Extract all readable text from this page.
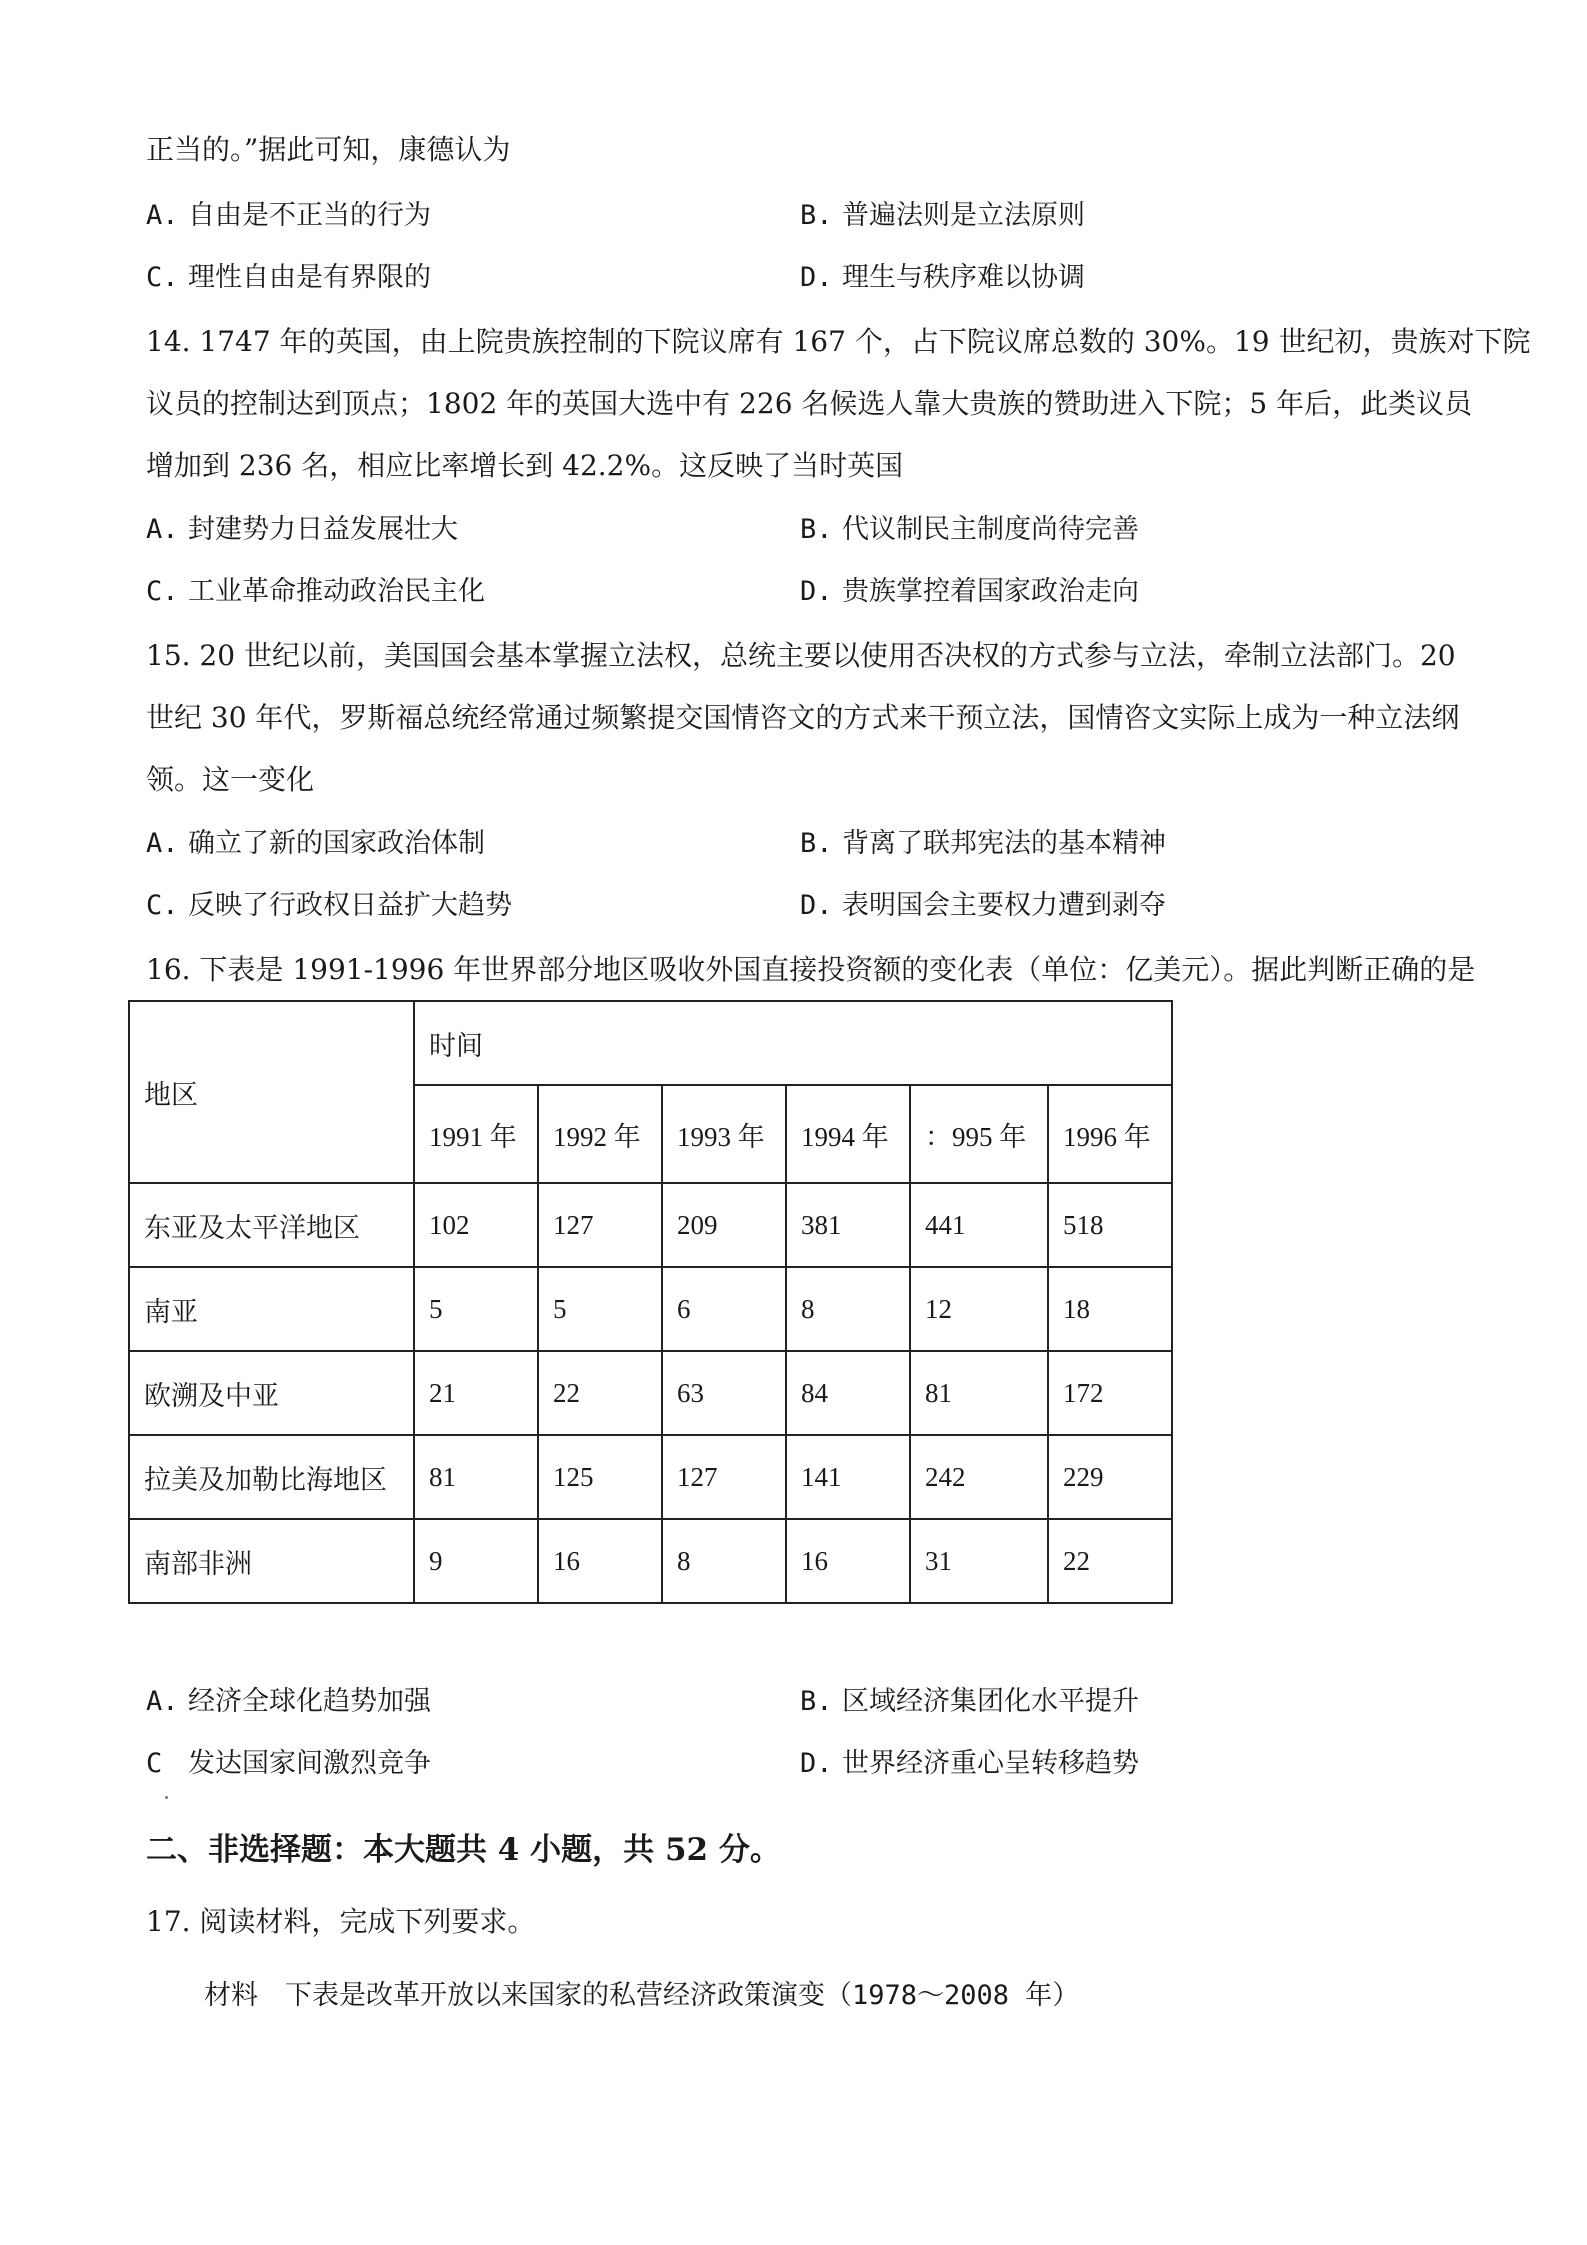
正当的。”据此可知，康德认为
A. 自由是不正当的行为	B. 普遍法则是立法原则
C. 理性自由是有界限的	D. 理生与秩序难以协调
14. 1747 年的英国，由上院贵族控制的下院议席有 167 个，占下院议席总数的 30%。19 世纪初，贵族对下院
议员的控制达到顶点；1802 年的英国大选中有 226 名候选人靠大贵族的赞助进入下院；5 年后，此类议员
增加到 236 名，相应比率增长到 42.2%。这反映了当时英国
A. 封建势力日益发展壮大	B. 代议制民主制度尚待完善
C. 工业革命推动政治民主化	D. 贵族掌控着国家政治走向
15. 20 世纪以前，美国国会基本掌握立法权，总统主要以使用否决权的方式参与立法，牵制立法部门。20
世纪 30 年代，罗斯福总统经常通过频繁提交国情咨文的方式来干预立法，国情咨文实际上成为一种立法纲
领。这一变化
A. 确立了新的国家政治体制	B. 背离了联邦宪法的基本精神
C. 反映了行政权日益扩大趋势	D. 表明国会主要权力遭到剥夺
16. 下表是 1991-1996 年世界部分地区吸收外国直接投资额的变化表（单位：亿美元）。据此判断正确的是
地区	时间					
	1991 年	1992 年	1993 年	1994 年	：995 年	1996 年
东亚及太平洋地区	102	127	209	381	441	518
南亚	5	5	6	8	12	18
欧溯及中亚	21	22	63	84	81	172
拉美及加勒比海地区	81	125	127	141	242	229
南部非洲	9	16	8	16	31	22
A. 经济全球化趋势加强	B. 区域经济集团化水平提升
C 发达国家间激烈竞争	D. 世界经济重心呈转移趋势
二、非选择题：本大题共 4 小题，共 52 分。
17. 阅读材料，完成下列要求。
材料　下表是改革开放以来国家的私营经济政策演变（1978～2008 年）
